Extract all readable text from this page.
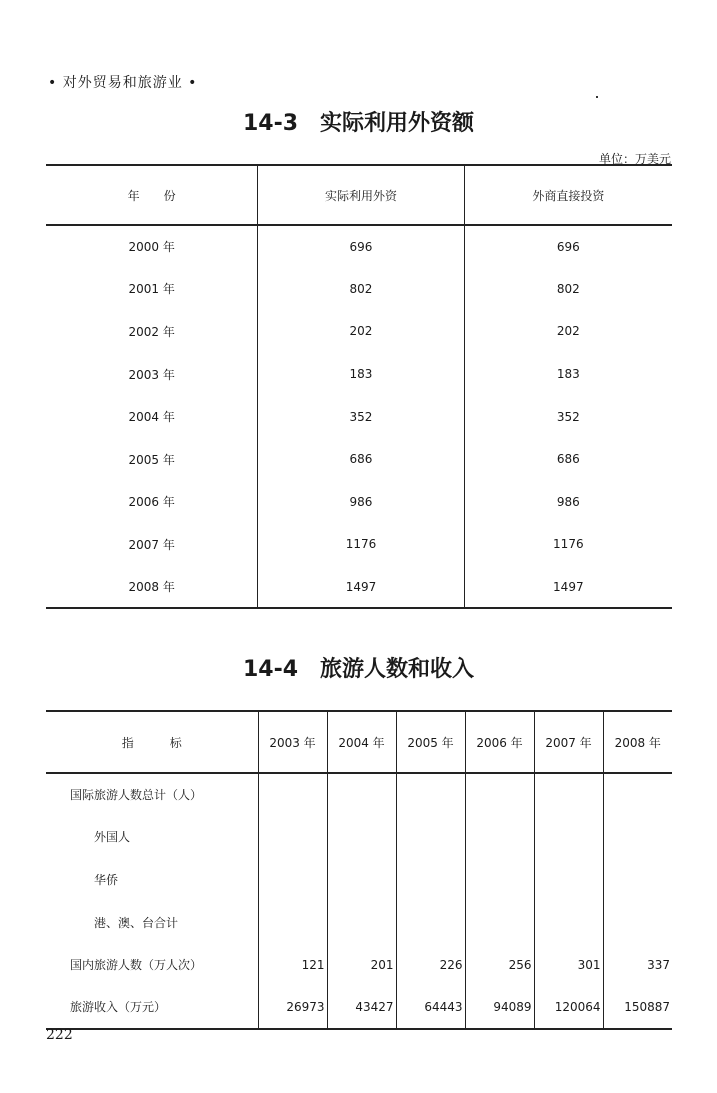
• 对外贸易和旅游业 •
14-3　实际利用外资额
单位：万美元
年　　份	实际利用外资	外商直接投资
2000 年	696	696
2001 年	802	802
2002 年	202	202
2003 年	183	183
2004 年	352	352
2005 年	686	686
2006 年	986	986
2007 年	1176	1176
2008 年	1497	1497
14-4　旅游人数和收入
指　　　标	2003 年	2004 年	2005 年	2006 年	2007 年	2008 年
国际旅游人数总计（人）						
外国人						
华侨						
港、澳、台合计						
国内旅游人数（万人次）	121	201	226	256	301	337
旅游收入（万元）	26973	43427	64443	94089	120064	150887
222
